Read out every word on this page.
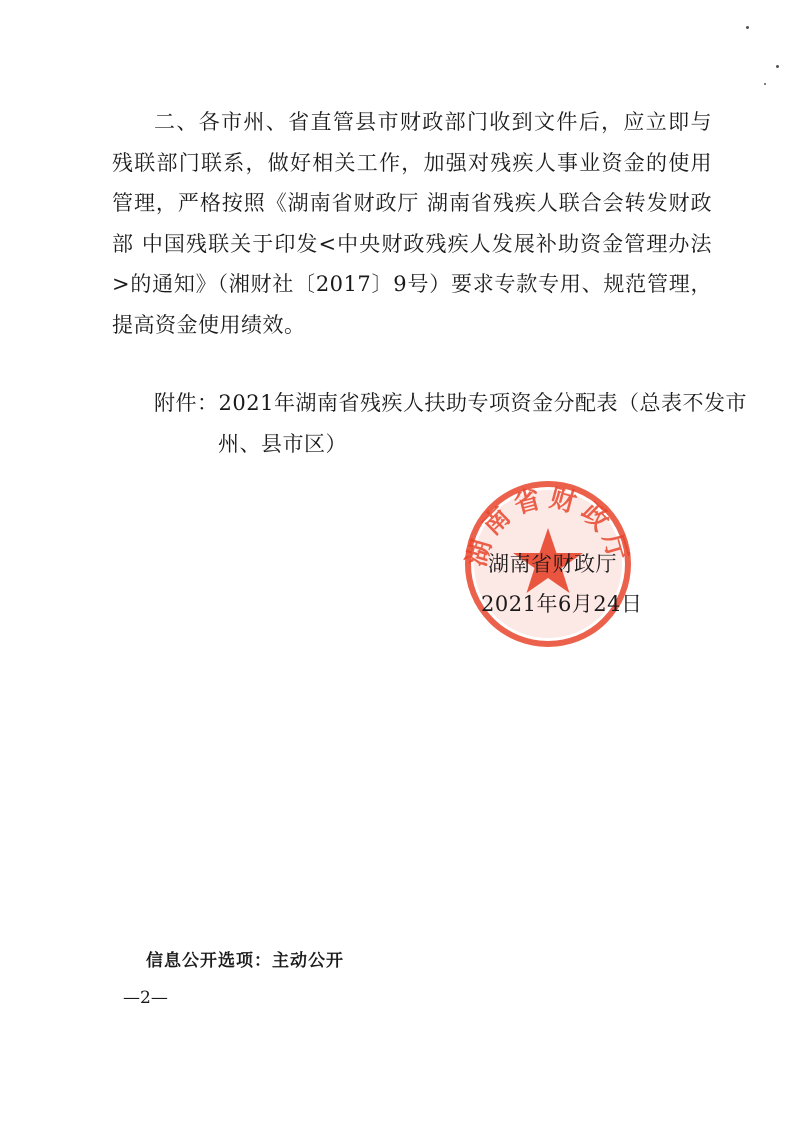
二、各市州、省直管县市财政部门收到文件后，应立即与残联部门联系，做好相关工作，加强对残疾人事业资金的使用管理，严格按照《湖南省财政厅 湖南省残疾人联合会转发财政部 中国残联关于印发<中央财政残疾人发展补助资金管理办法>的通知》（湘财社〔2017〕9号）要求专款专用、规范管理，提高资金使用绩效。

附件：2021年湖南省残疾人扶助专项资金分配表（总表不发市州、县市区）
湖南省财政厅
湖南省财政厅
2021年6月24日
信息公开选项：主动公开
—2—
